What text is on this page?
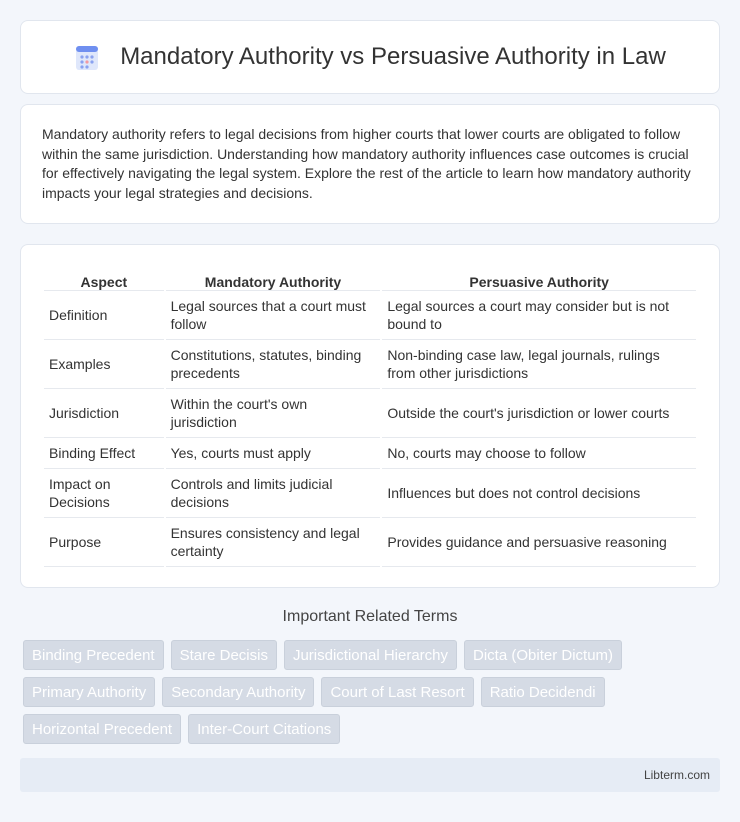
Mandatory Authority vs Persuasive Authority in Law

Mandatory authority refers to legal decisions from higher courts that lower courts are obligated to follow within the same jurisdiction. Understanding how mandatory authority influences case outcomes is crucial for effectively navigating the legal system. Explore the rest of the article to learn how mandatory authority impacts your legal strategies and decisions.

Aspect	Mandatory Authority	Persuasive Authority
Definition	Legal sources that a court must follow	Legal sources a court may consider but is not bound to
Examples	Constitutions, statutes, binding precedents	Non-binding case law, legal journals, rulings from other jurisdictions
Jurisdiction	Within the court's own jurisdiction	Outside the court's jurisdiction or lower courts
Binding Effect	Yes, courts must apply	No, courts may choose to follow
Impact on Decisions	Controls and limits judicial decisions	Influences but does not control decisions
Purpose	Ensures consistency and legal certainty	Provides guidance and persuasive reasoning
Important Related Terms
Binding Precedent	Stare Decisis	Jurisdictional Hierarchy	Dicta (Obiter Dictum)
Primary Authority	Secondary Authority	Court of Last Resort	Ratio Decidendi
Horizontal Precedent	Inter-Court Citations
Libterm.com
